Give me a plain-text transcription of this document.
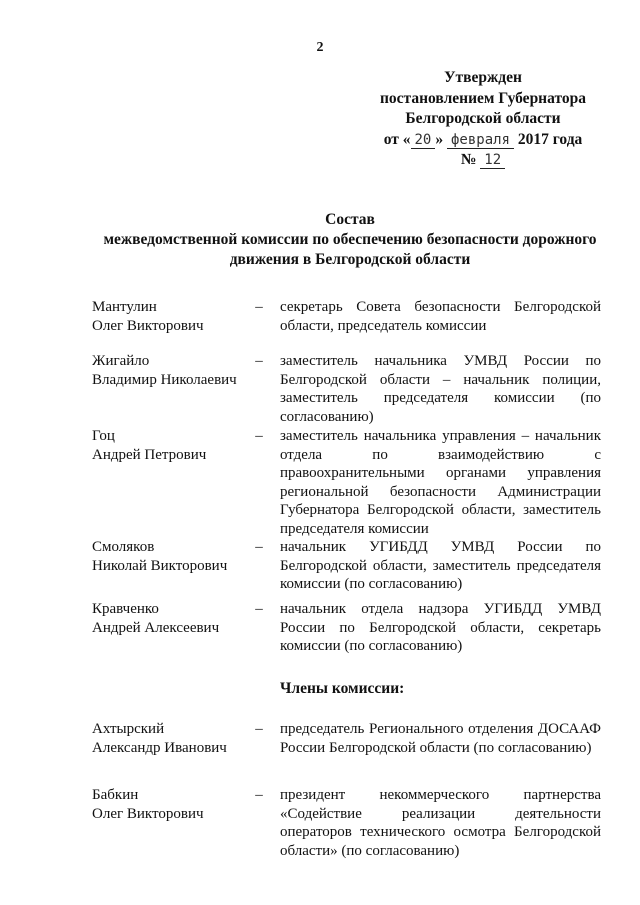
2
Утвержден
постановлением Губернатора
Белгородской области
от « 20 » февраля 2017 года
№ 12
Состав
межведомственной комиссии по обеспечению безопасности дорожного
движения в Белгородской области
Мантулин
Олег Викторович
– секретарь Совета безопасности Белгородской области, председатель комиссии
Жигайло
Владимир Николаевич
– заместитель начальника УМВД России по Белгородской области – начальник полиции, заместитель председателя комиссии (по согласованию)
Гоц
Андрей Петрович
– заместитель начальника управления – начальник отдела по взаимодействию с правоохранительными органами управления региональной безопасности Администрации Губернатора Белгородской области, заместитель председателя комиссии
Смоляков
Николай Викторович
– начальник УГИБДД УМВД России по Белгородской области, заместитель председателя комиссии (по согласованию)
Кравченко
Андрей Алексеевич
– начальник отдела надзора УГИБДД УМВД России по Белгородской области, секретарь комиссии (по согласованию)
Члены комиссии:
Ахтырский
Александр Иванович
– председатель Регионального отделения ДОСААФ России Белгородской области (по согласованию)
Бабкин
Олег Викторович
– президент некоммерческого партнерства «Содействие реализации деятельности операторов технического осмотра Белгородской области» (по согласованию)
